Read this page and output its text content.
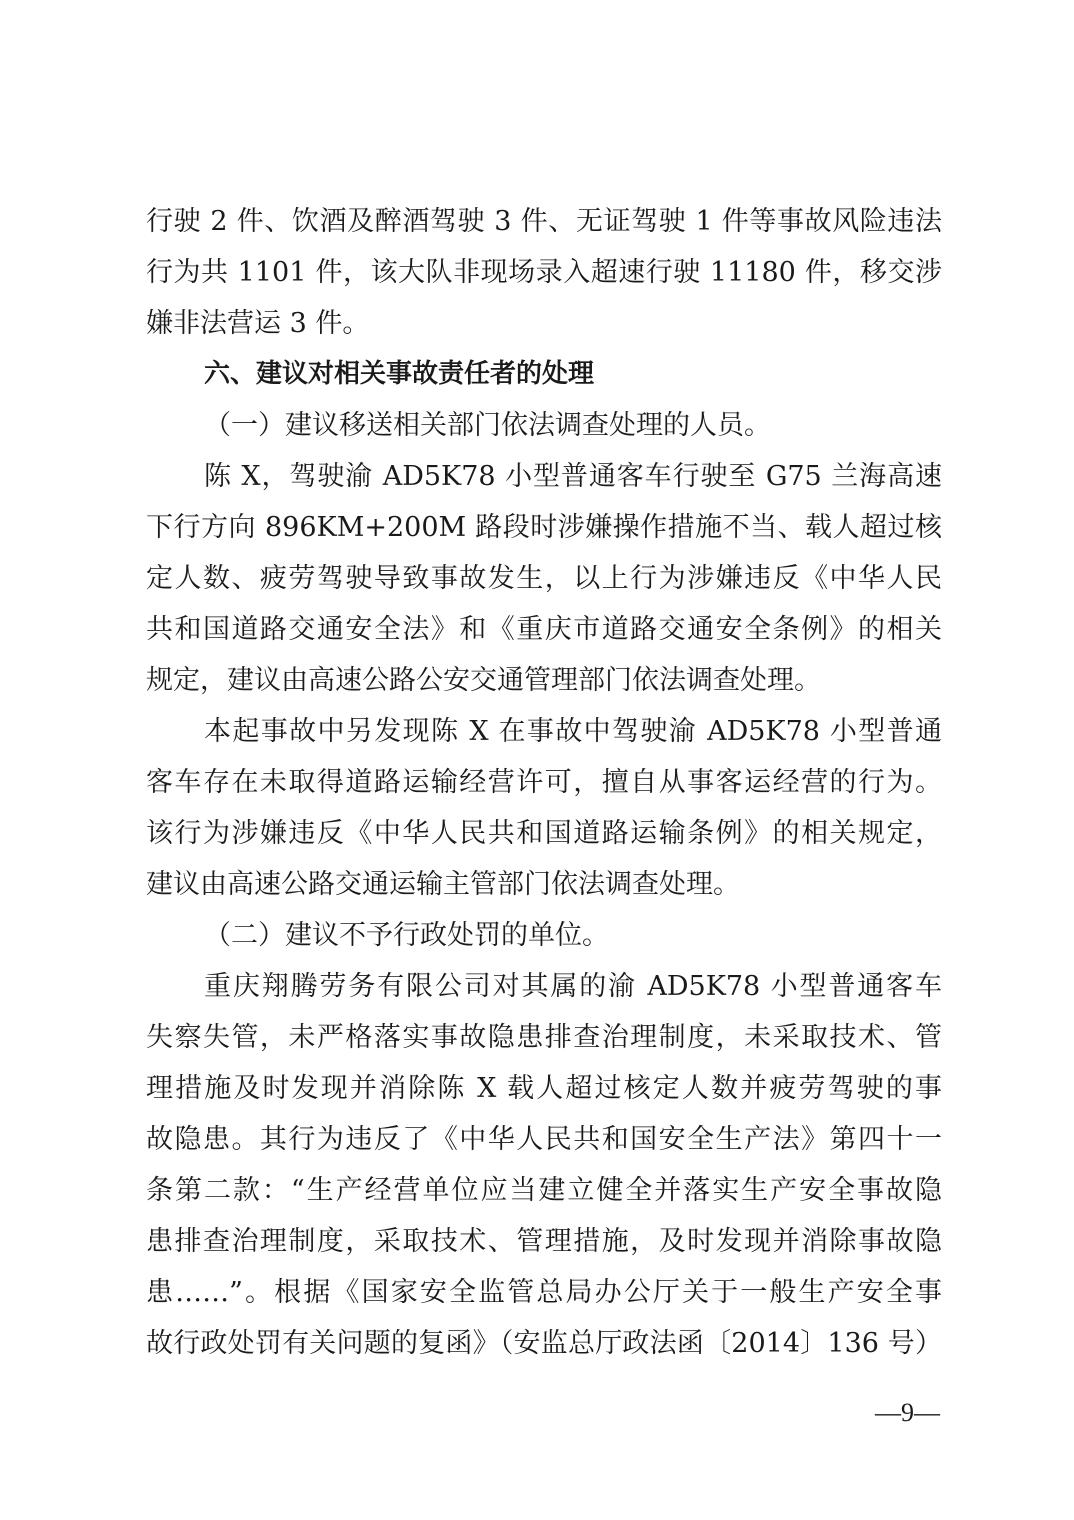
行驶 2 件、饮酒及醉酒驾驶 3 件、无证驾驶 1 件等事故风险违法
行为共 1101 件，该大队非现场录入超速行驶 11180 件，移交涉
嫌非法营运 3 件。
六、建议对相关事故责任者的处理
（一）建议移送相关部门依法调查处理的人员。
陈 X，驾驶渝 AD5K78 小型普通客车行驶至 G75 兰海高速
下行方向 896KM+200M 路段时涉嫌操作措施不当、载人超过核
定人数、疲劳驾驶导致事故发生，以上行为涉嫌违反《中华人民
共和国道路交通安全法》和《重庆市道路交通安全条例》的相关
规定，建议由高速公路公安交通管理部门依法调查处理。
本起事故中另发现陈 X 在事故中驾驶渝 AD5K78 小型普通
客车存在未取得道路运输经营许可，擅自从事客运经营的行为。
该行为涉嫌违反《中华人民共和国道路运输条例》的相关规定，
建议由高速公路交通运输主管部门依法调查处理。
（二）建议不予行政处罚的单位。
重庆翔腾劳务有限公司对其属的渝 AD5K78 小型普通客车
失察失管，未严格落实事故隐患排查治理制度，未采取技术、管
理措施及时发现并消除陈 X 载人超过核定人数并疲劳驾驶的事
故隐患。其行为违反了《中华人民共和国安全生产法》第四十一
条第二款：“生产经营单位应当建立健全并落实生产安全事故隐
患排查治理制度，采取技术、管理措施，及时发现并消除事故隐
患……”。根据《国家安全监管总局办公厅关于一般生产安全事
故行政处罚有关问题的复函》（安监总厅政法函〔2014〕136 号）
—9—
